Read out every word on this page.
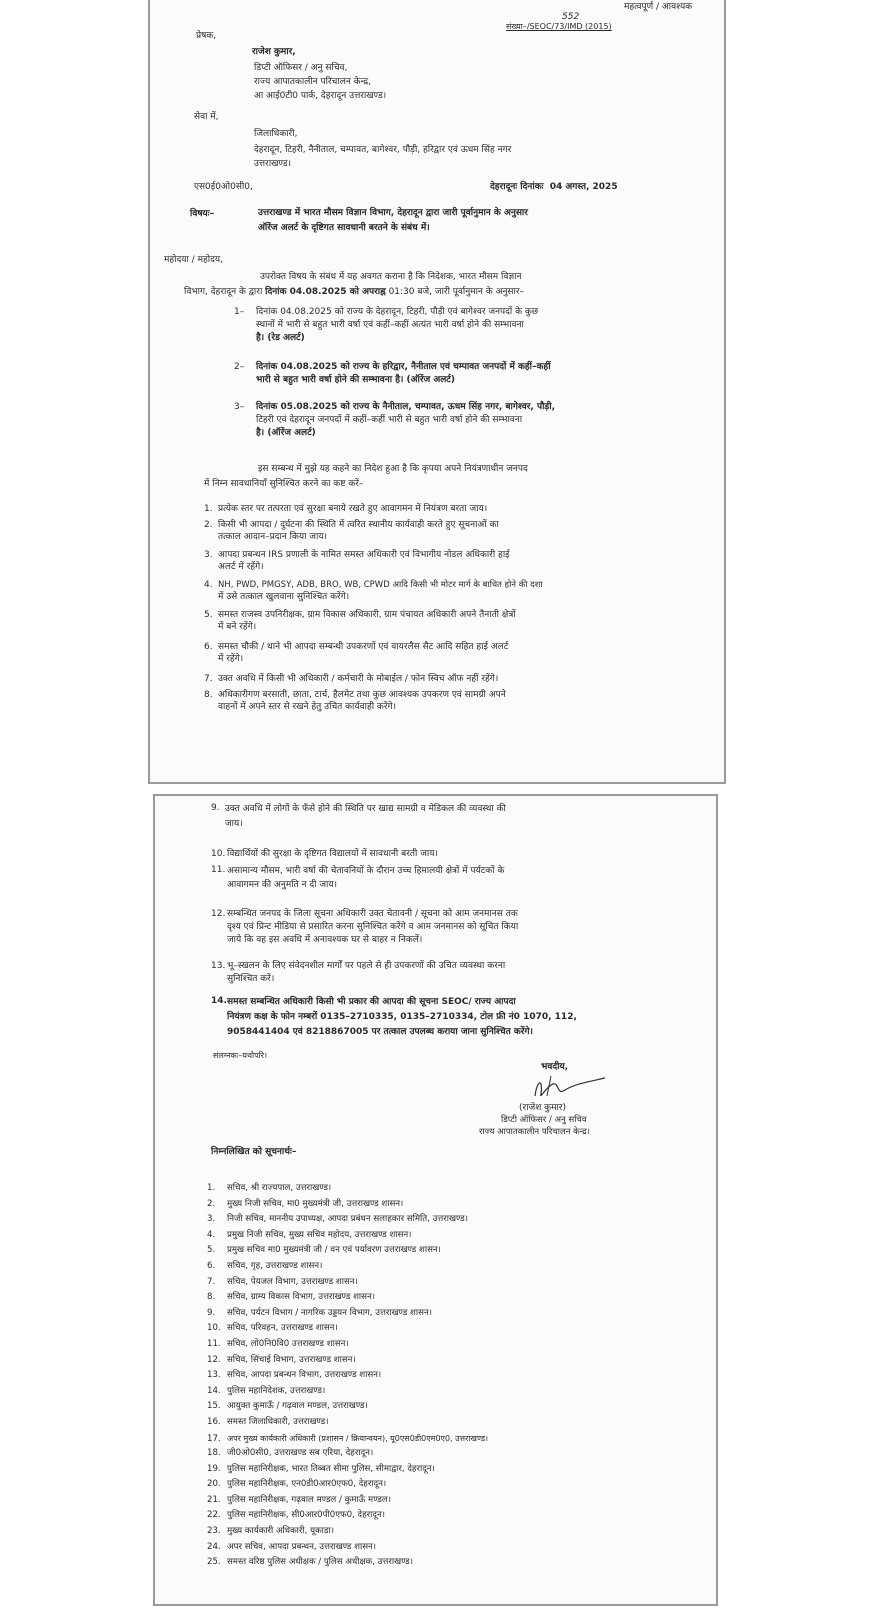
महत्वपूर्ण / आवश्यक
552
संख्या–/SEOC/73/IMD (2015)
प्रेषक,
राजेश कुमार,
डिप्टी ऑफिसर / अनु सचिव,
राज्य आपातकालीन परिचालन केन्द्र,
आ आई0टी0 पार्क, देहरादून उत्तराखण्ड।
सेवा में,
जिलाधिकारी,
देहरादून, टिहरी, नैनीताल, चम्पावत, बागेश्वर, पौड़ी, हरिद्वार एवं ऊधम सिंह नगर
उत्तराखण्ड।
एस0ई0ओ0सी0,	देहरादूनः दिनांकः 04 अगस्त, 2025
विषयः–	उत्तराखण्ड में भारत मौसम विज्ञान विभाग, देहरादून द्वारा जारी पूर्वानुमान के अनुसार
ऑरेंज अलर्ट के दृष्टिगत सावधानी बरतने के संबंध में।
महोदया / महोदय,
उपरोक्त विषय के संबंध में यह अवगत कराना है कि निदेशक, भारत मौसम विज्ञान
विभाग, देहरादून के द्वारा दिनांक 04.08.2025 को अपराह्न 01:30 बजे, जारी पूर्वानुमान के अनुसार–
1– दिनांक 04.08.2025 को राज्य के देहरादून, टिहरी, पौड़ी एवं बागेश्वर जनपदों के कुछ
स्थानों में भारी से बहुत भारी वर्षा एवं कहीं–कहीं अत्यंत भारी वर्षा होने की सम्भावना
है। (रेड अलर्ट)
2– दिनांक 04.08.2025 को राज्य के हरिद्वार, नैनीताल एवं चम्पावत जनपदों में कहीं–कहीं
भारी से बहुत भारी वर्षा होने की सम्भावना है। (ऑरेंज अलर्ट)
3– दिनांक 05.08.2025 को राज्य के नैनीताल, चम्पावत, ऊधम सिंह नगर, बागेश्वर, पौड़ी,
टिहरी एवं देहरादून जनपदों में कहीं–कहीं भारी से बहुत भारी वर्षा होने की सम्भावना
है। (ऑरेंज अलर्ट)
इस सम्बन्ध में मुझे यह कहने का निदेश हुआ है कि कृपया अपने नियंत्रणाधीन जनपद
में निम्न सावधानियाँ सुनिश्चित करने का कष्ट करें–
1. प्रत्येक स्तर पर तत्परता एवं सुरक्षा बनाये रखते हुए आवागमन में नियंत्रण बरता जाय।
2. किसी भी आपदा / दुर्घटना की स्थिति में त्वरित स्थानीय कार्यवाही करते हुए सूचनाओं का
तत्काल आदान–प्रदान किया जाय।
3. आपदा प्रबन्धन IRS प्रणाली के नामित समस्त अधिकारी एवं विभागीय नोडल अधिकारी हाई
अलर्ट में रहेंगे।
4. NH, PWD, PMGSY, ADB, BRO, WB, CPWD आदि किसी भी मोटर मार्ग के बाधित होने की दशा
में उसे तत्काल खुलवाना सुनिश्चित करेंगे।
5. समस्त राजस्व उपनिरीक्षक, ग्राम विकास अधिकारी, ग्राम पंचायत अधिकारी अपने तैनाती क्षेत्रों
में बने रहेंगे।
6. समस्त चौकी / थाने भी आपदा सम्बन्धी उपकरणों एवं वायरलैस सैट आदि सहित हाई अलर्ट
में रहेंगे।
7. उक्त अवधि में किसी भी अधिकारी / कर्मचारी के मोबाईल / फोन स्विच ऑफ नहीं रहेंगे।
8. अधिकारीगण बरसाती, छाता, टार्च, हैलमेट तथा कुछ आवश्यक उपकरण एवं सामग्री अपने
वाहनों में अपने स्तर से रखने हेतु उचित कार्यवाही करेंगे।
9. उक्त अवधि में लोगों के फँसे होने की स्थिति पर खाद्य सामग्री व मेडिकल की व्यवस्था की
जाय।
10. विद्यार्थियों की सुरक्षा के दृष्टिगत विद्यालयों में सावधानी बरती जाय।
11. असामान्य मौसम, भारी वर्षा की चेतावनियों के दौरान उच्च हिमालयी क्षेत्रों में पर्यटकों के
आवागमन की अनुमति न दी जाय।
12. सम्बन्धित जनपद के जिला सूचना अधिकारी उक्त चेतावनी / सूचना को आम जनमानस तक
दृश्य एवं प्रिन्ट मीडिया से प्रसारित करना सुनिश्चित करेंगे व आम जनमानस को सूचित किया
जाये कि वह इस अवधि में अनावश्यक घर से बाहर न निकलें।
13. भू–स्खलन के लिए संवेदनशील मार्गों पर पहले से ही उपकरणों की उचित व्यवस्था करना
सुनिश्चित करें।
14. समस्त सम्बन्धित अधिकारी किसी भी प्रकार की आपदा की सूचना SEOC/ राज्य आपदा
नियंत्रण कक्ष के फोन नम्बरों 0135–2710335, 0135–2710334, टोल फ्री नं0 1070, 112,
9058441404 एवं 8218867005 पर तत्काल उपलब्ध कराया जाना सुनिश्चित करेंगे।
संलग्नकः–यथोपरि।
भवदीय,
(राजेश कुमार)
डिप्टी ऑफिसर / अनु सचिव
राज्य आपातकालीन परिचालन केन्द्र।
निम्नलिखित को सूचनार्थः–
1. सचिव, श्री राज्यपाल, उत्तराखण्ड।
2. मुख्य निजी सचिव, मा0 मुख्यमंत्री जी, उत्तराखण्ड शासन।
3. निजी सचिव, माननीय उपाध्यक्ष, आपदा प्रबंधन सलाहकार समिति, उत्तराखण्ड।
4. प्रमुख निजी सचिव, मुख्य सचिव महोदय, उत्तराखण्ड शासन।
5. प्रमुख सचिव मा0 मुख्यमंत्री जी / वन एवं पर्यावरण उत्तराखण्ड शासन।
6. सचिव, गृह, उत्तराखण्ड शासन।
7. सचिव, पेयजल विभाग, उत्तराखण्ड शासन।
8. सचिव, ग्राम्य विकास विभाग, उत्तराखण्ड शासन।
9. सचिव, पर्यटन विभाग / नागरिक उड्डयन विभाग, उत्तराखण्ड शासन।
10. सचिव, परिवहन, उत्तराखण्ड शासन।
11. सचिव, लो0नि0वि0 उत्तराखण्ड शासन।
12. सचिव, सिंचाई विभाग, उत्तराखण्ड शासन।
13. सचिव, आपदा प्रबन्धन विभाग, उत्तराखण्ड शासन।
14. पुलिस महानिदेशक, उत्तराखण्ड।
15. आयुक्त कुमाऊँ / गढ़वाल मण्डल, उत्तराखण्ड।
16. समस्त जिलाधिकारी, उत्तराखण्ड।
17. अपर मुख्य कार्यकारी अधिकारी (प्रशासन / क्रियान्वयन), यू0एस0डी0एम0ए0, उत्तराखण्ड।
18. जी0ओ0सी0, उत्तराखण्ड सब एरिया, देहरादून।
19. पुलिस महानिरीक्षक, भारत तिब्बत सीमा पुलिस, सीमाद्वार, देहरादून।
20. पुलिस महानिरीक्षक, एन0डी0आर0एफ0, देहरादून।
21. पुलिस महानिरीक्षक, गढ़वाल मण्डल / कुमाऊँ मण्डल।
22. पुलिस महानिरीक्षक, सी0आर0पी0एफ0, देहरादून।
23. मुख्य कार्यकारी अधिकारी, यूकाडा।
24. अपर सचिव, आपदा प्रबन्धन, उत्तराखण्ड शासन।
25. समस्त वरिष्ठ पुलिस अधीक्षक / पुलिस अधीक्षक, उत्तराखण्ड।
